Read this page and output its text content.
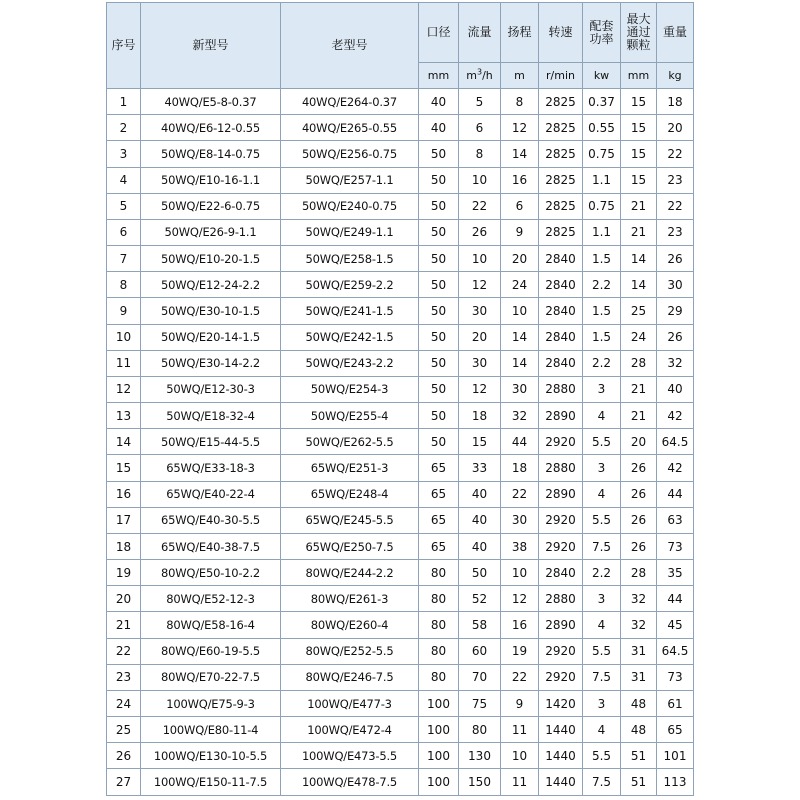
序号	新型号	老型号	口径	流量	扬程	转速	配套功率	最大通过颗粒	重量
			mm	$m^3/h$	m	r/min	kw	mm	kg
1	40WQ/E5-8-0.37	40WQ/E264-0.37	40	5	8	2825	0.37	15	18
2	40WQ/E6-12-0.55	40WQ/E265-0.55	40	6	12	2825	0.55	15	20
3	50WQ/E8-14-0.75	50WQ/E256-0.75	50	8	14	2825	0.75	15	22
4	50WQ/E10-16-1.1	50WQ/E257-1.1	50	10	16	2825	1.1	15	23
5	50WQ/E22-6-0.75	50WQ/E240-0.75	50	22	6	2825	0.75	21	22
6	50WQ/E26-9-1.1	50WQ/E249-1.1	50	26	9	2825	1.1	21	23
7	50WQ/E10-20-1.5	50WQ/E258-1.5	50	10	20	2840	1.5	14	26
8	50WQ/E12-24-2.2	50WQ/E259-2.2	50	12	24	2840	2.2	14	30
9	50WQ/E30-10-1.5	50WQ/E241-1.5	50	30	10	2840	1.5	25	29
10	50WQ/E20-14-1.5	50WQ/E242-1.5	50	20	14	2840	1.5	24	26
11	50WQ/E30-14-2.2	50WQ/E243-2.2	50	30	14	2840	2.2	28	32
12	50WQ/E12-30-3	50WQ/E254-3	50	12	30	2880	3	21	40
13	50WQ/E18-32-4	50WQ/E255-4	50	18	32	2890	4	21	42
14	50WQ/E15-44-5.5	50WQ/E262-5.5	50	15	44	2920	5.5	20	64.5
15	65WQ/E33-18-3	65WQ/E251-3	65	33	18	2880	3	26	42
16	65WQ/E40-22-4	65WQ/E248-4	65	40	22	2890	4	26	44
17	65WQ/E40-30-5.5	65WQ/E245-5.5	65	40	30	2920	5.5	26	63
18	65WQ/E40-38-7.5	65WQ/E250-7.5	65	40	38	2920	7.5	26	73
19	80WQ/E50-10-2.2	80WQ/E244-2.2	80	50	10	2840	2.2	28	35
20	80WQ/E52-12-3	80WQ/E261-3	80	52	12	2880	3	32	44
21	80WQ/E58-16-4	80WQ/E260-4	80	58	16	2890	4	32	45
22	80WQ/E60-19-5.5	80WQ/E252-5.5	80	60	19	2920	5.5	31	64.5
23	80WQ/E70-22-7.5	80WQ/E246-7.5	80	70	22	2920	7.5	31	73
24	100WQ/E75-9-3	100WQ/E477-3	100	75	9	1420	3	48	61
25	100WQ/E80-11-4	100WQ/E472-4	100	80	11	1440	4	48	65
26	100WQ/E130-10-5.5	100WQ/E473-5.5	100	130	10	1440	5.5	51	101
27	100WQ/E150-11-7.5	100WQ/E478-7.5	100	150	11	1440	7.5	51	113
